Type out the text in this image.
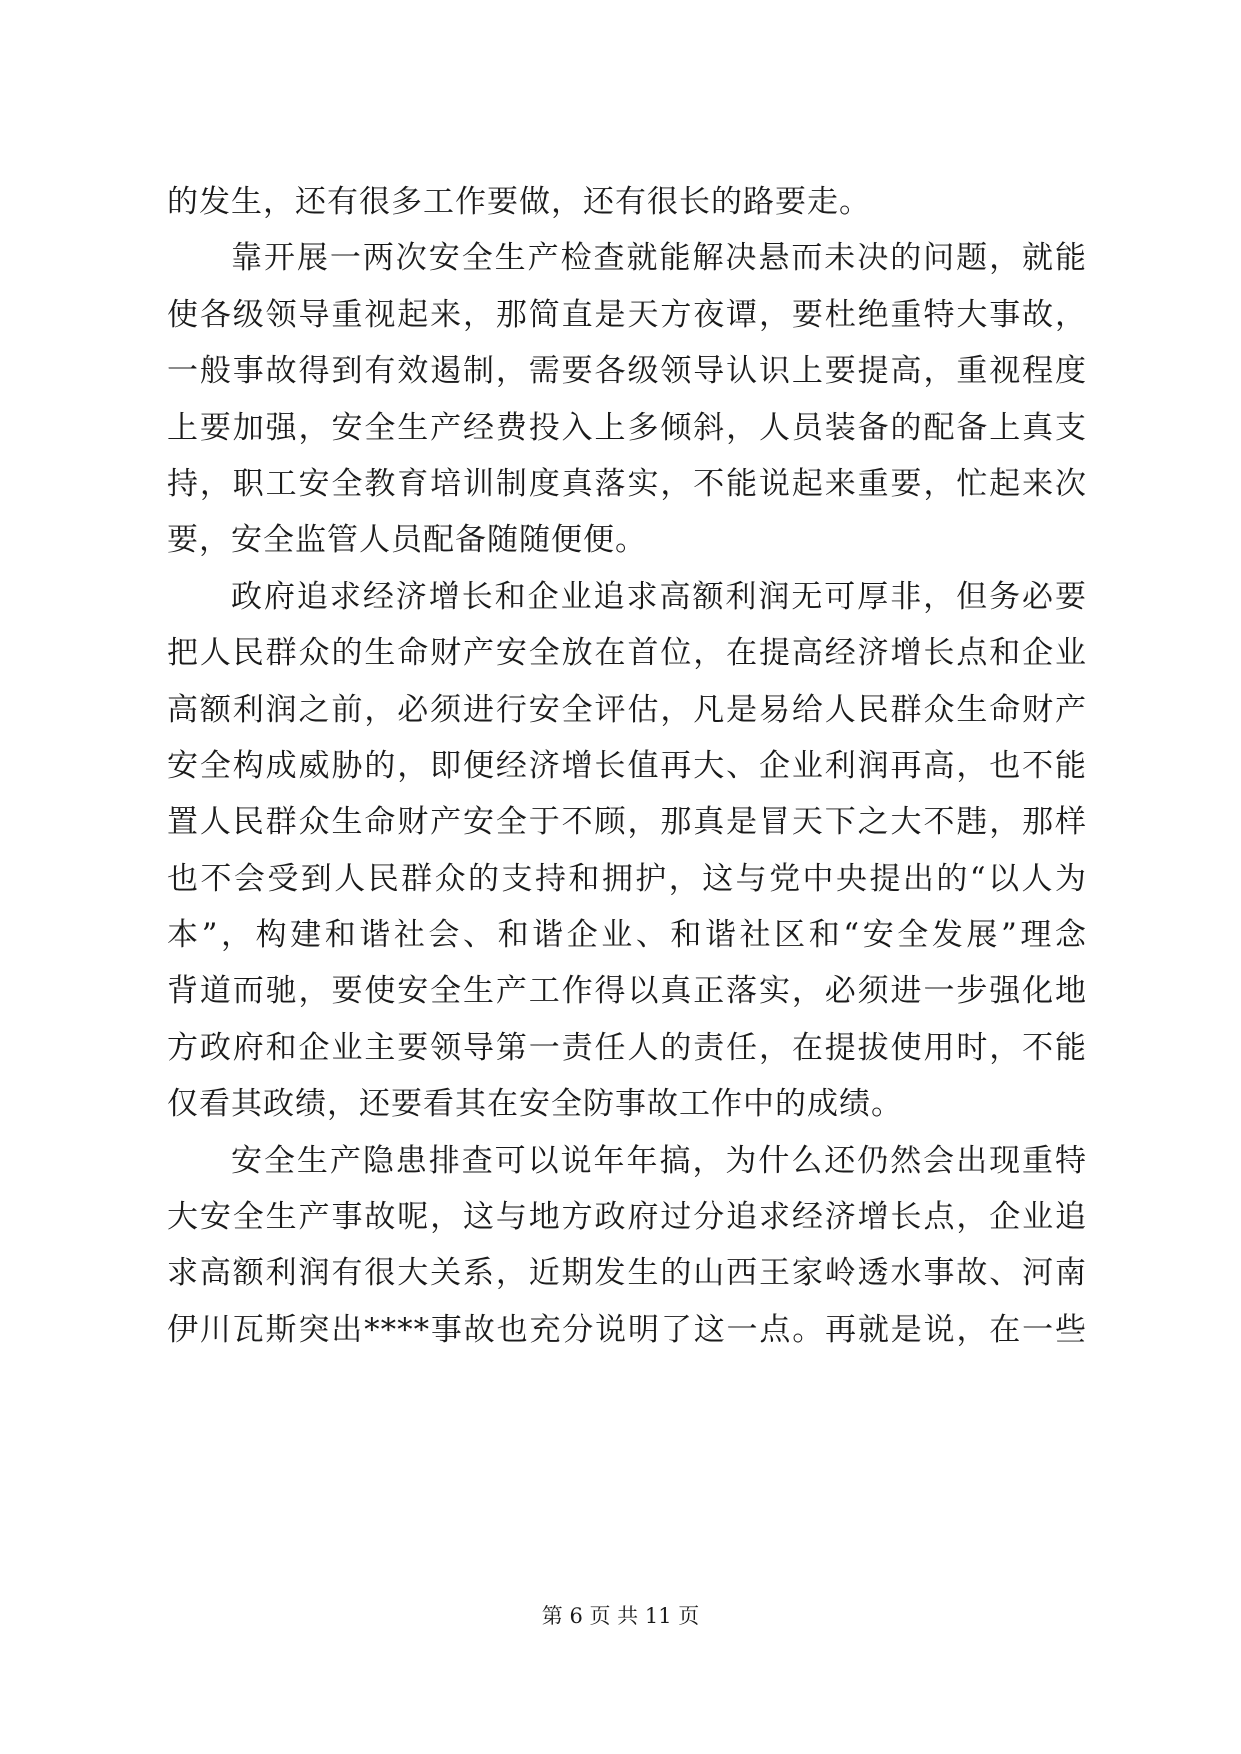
的发生，还有很多工作要做，还有很长的路要走。
靠开展一两次安全生产检查就能解决悬而未决的问题，就能
使各级领导重视起来，那简直是天方夜谭，要杜绝重特大事故，
一般事故得到有效遏制，需要各级领导认识上要提高，重视程度
上要加强，安全生产经费投入上多倾斜，人员装备的配备上真支
持，职工安全教育培训制度真落实，不能说起来重要，忙起来次
要，安全监管人员配备随随便便。
政府追求经济增长和企业追求高额利润无可厚非，但务必要
把人民群众的生命财产安全放在首位，在提高经济增长点和企业
高额利润之前，必须进行安全评估，凡是易给人民群众生命财产
安全构成威胁的，即便经济增长值再大、企业利润再高，也不能
置人民群众生命财产安全于不顾，那真是冒天下之大不韪，那样
也不会受到人民群众的支持和拥护，这与党中央提出的“以人为
本”，构建和谐社会、和谐企业、和谐社区和“安全发展”理念
背道而驰，要使安全生产工作得以真正落实，必须进一步强化地
方政府和企业主要领导第一责任人的责任，在提拔使用时，不能
仅看其政绩，还要看其在安全防事故工作中的成绩。
安全生产隐患排查可以说年年搞，为什么还仍然会出现重特
大安全生产事故呢，这与地方政府过分追求经济增长点，企业追
求高额利润有很大关系，近期发生的山西王家岭透水事故、河南
伊川瓦斯突出****事故也充分说明了这一点。再就是说，在一些
第 6 页 共 11 页
